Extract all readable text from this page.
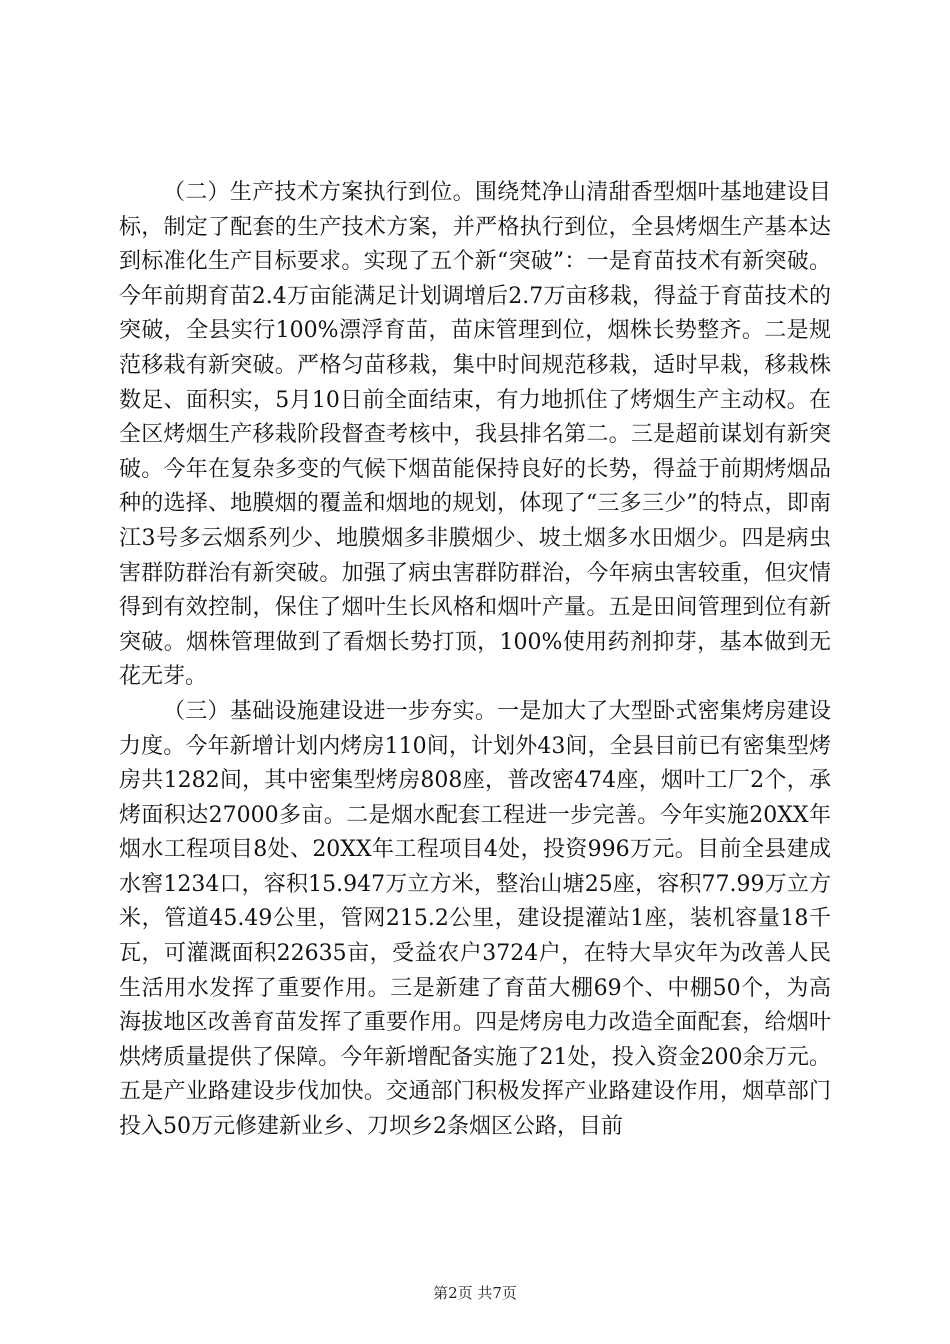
（二）生产技术方案执行到位。围绕梵净山清甜香型烟叶基地建设目标，制定了配套的生产技术方案，并严格执行到位，全县烤烟生产基本达到标准化生产目标要求。实现了五个新“突破”：一是育苗技术有新突破。今年前期育苗2.4万亩能满足计划调增后2.7万亩移栽，得益于育苗技术的突破，全县实行100%漂浮育苗，苗床管理到位，烟株长势整齐。二是规范移栽有新突破。严格匀苗移栽，集中时间规范移栽，适时早栽，移栽株数足、面积实，5月10日前全面结束，有力地抓住了烤烟生产主动权。在全区烤烟生产移栽阶段督查考核中，我县排名第二。三是超前谋划有新突破。今年在复杂多变的气候下烟苗能保持良好的长势，得益于前期烤烟品种的选择、地膜烟的覆盖和烟地的规划，体现了“三多三少”的特点，即南江3号多云烟系列少、地膜烟多非膜烟少、坡土烟多水田烟少。四是病虫害群防群治有新突破。加强了病虫害群防群治，今年病虫害较重，但灾情得到有效控制，保住了烟叶生长风格和烟叶产量。五是田间管理到位有新突破。烟株管理做到了看烟长势打顶，100%使用药剂抑芽，基本做到无花无芽。

（三）基础设施建设进一步夯实。一是加大了大型卧式密集烤房建设力度。今年新增计划内烤房110间，计划外43间，全县目前已有密集型烤房共1282间，其中密集型烤房808座，普改密474座，烟叶工厂2个，承烤面积达27000多亩。二是烟水配套工程进一步完善。今年实施20XX年烟水工程项目8处、20XX年工程项目4处，投资996万元。目前全县建成水窖1234口，容积15.947万立方米，整治山塘25座，容积77.99万立方米，管道45.49公里，管网215.2公里，建设提灌站1座，装机容量18千瓦，可灌溉面积22635亩，受益农户3724户，在特大旱灾年为改善人民生活用水发挥了重要作用。三是新建了育苗大棚69个、中棚50个，为高海拔地区改善育苗发挥了重要作用。四是烤房电力改造全面配套，给烟叶烘烤质量提供了保障。今年新增配备实施了21处，投入资金200余万元。五是产业路建设步伐加快。交通部门积极发挥产业路建设作用，烟草部门投入50万元修建新业乡、刀坝乡2条烟区公路，目前

第2页 共7页
